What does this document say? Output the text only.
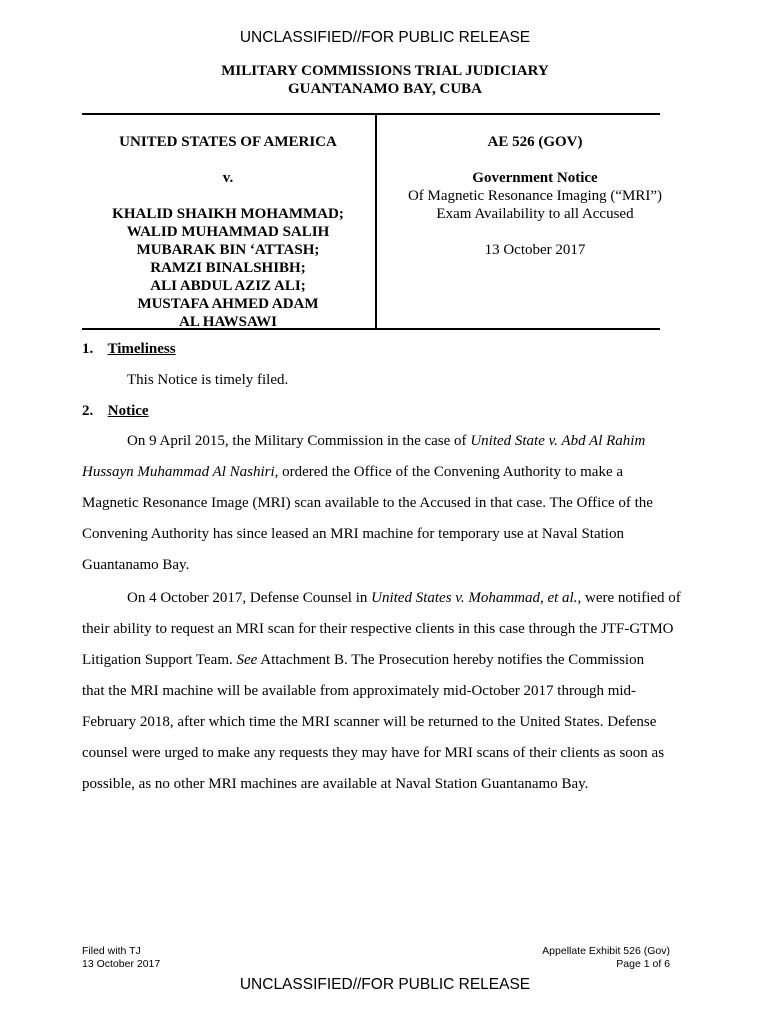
UNCLASSIFIED//FOR PUBLIC RELEASE
MILITARY COMMISSIONS TRIAL JUDICIARY
GUANTANAMO BAY, CUBA
UNITED STATES OF AMERICA
v.
KHALID SHAIKH MOHAMMAD;
WALID MUHAMMAD SALIH
MUBARAK BIN ‘ATTASH;
RAMZI BINALSHIBH;
ALI ABDUL AZIZ ALI;
MUSTAFA AHMED ADAM
AL HAWSAWI
AE 526 (GOV)
Government Notice
Of Magnetic Resonance Imaging (“MRI”)
Exam Availability to all Accused
13 October 2017
1. Timeliness
This Notice is timely filed.
2. Notice
On 9 April 2015, the Military Commission in the case of United State v. Abd Al Rahim
Hussayn Muhammad Al Nashiri, ordered the Office of the Convening Authority to make a
Magnetic Resonance Image (MRI) scan available to the Accused in that case. The Office of the
Convening Authority has since leased an MRI machine for temporary use at Naval Station
Guantanamo Bay.
On 4 October 2017, Defense Counsel in United States v. Mohammad, et al., were notified of
their ability to request an MRI scan for their respective clients in this case through the JTF-GTMO
Litigation Support Team. See Attachment B. The Prosecution hereby notifies the Commission
that the MRI machine will be available from approximately mid-October 2017 through mid-
February 2018, after which time the MRI scanner will be returned to the United States. Defense
counsel were urged to make any requests they may have for MRI scans of their clients as soon as
possible, as no other MRI machines are available at Naval Station Guantanamo Bay.
Filed with TJ
13 October 2017
Appellate Exhibit 526 (Gov)
Page 1 of 6
UNCLASSIFIED//FOR PUBLIC RELEASE
